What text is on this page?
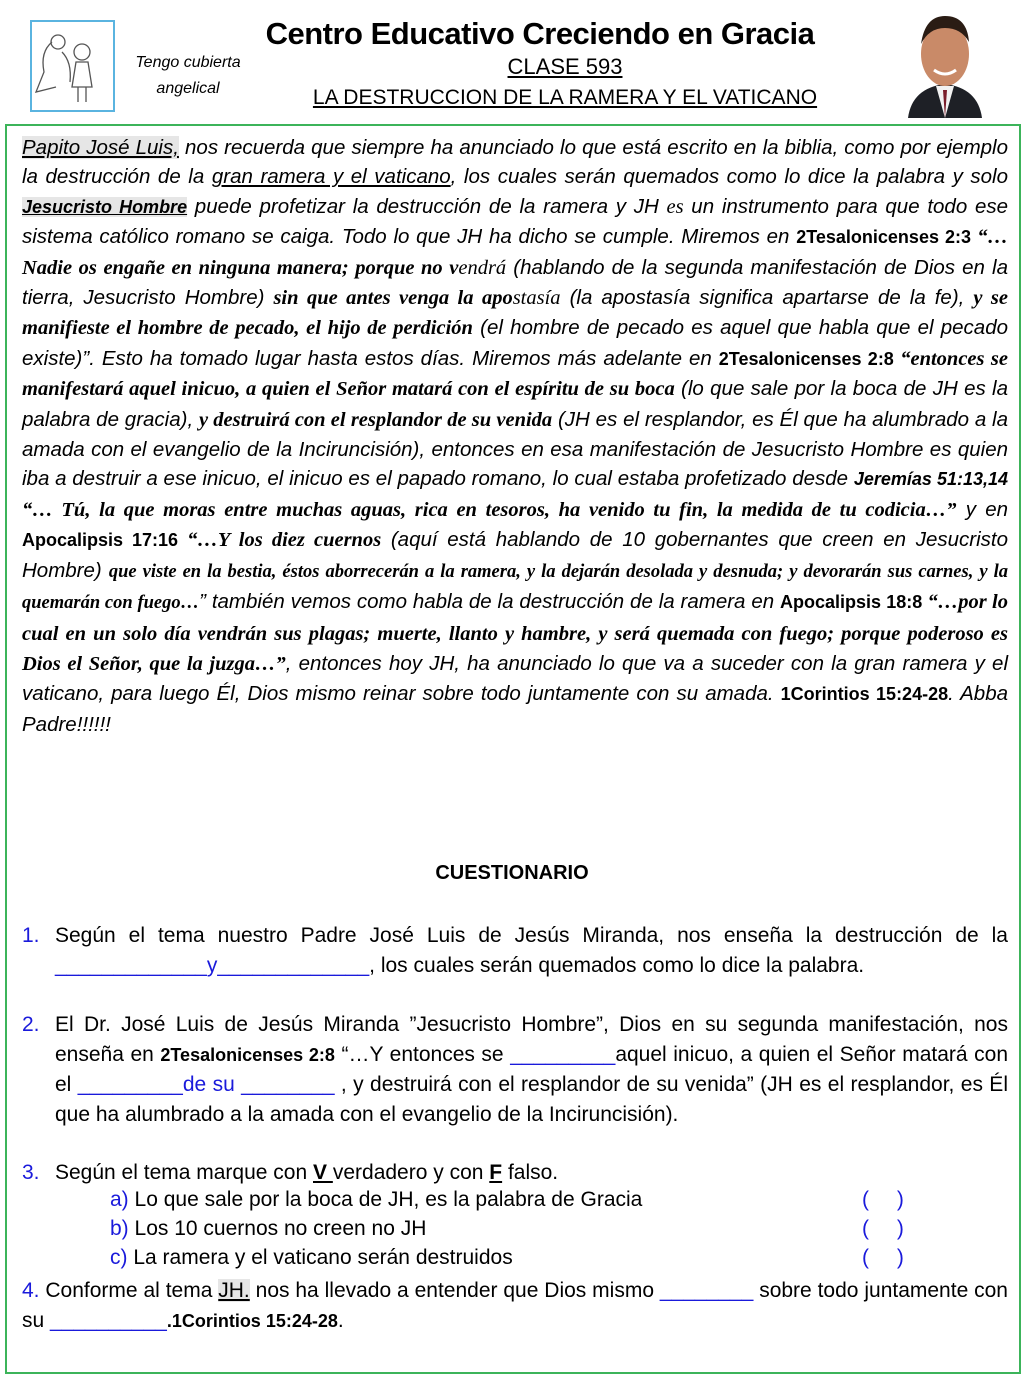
Tengo cubierta
angelical
Centro Educativo Creciendo en Gracia
CLASE 593
LA DESTRUCCION DE LA RAMERA Y EL VATICANO
Papito José Luis, nos recuerda que siempre ha anunciado lo que está escrito en la biblia, como por ejemplo la destrucción de la gran ramera y el vaticano, los cuales serán quemados como lo dice la palabra y solo Jesucristo Hombre puede profetizar la destrucción de la ramera y JH es un instrumento para que todo ese sistema católico romano se caiga. Todo lo que JH ha dicho se cumple. Miremos en 2Tesalonicenses 2:3 “…Nadie os engañe en ninguna manera; porque no vendrá (hablando de la segunda manifestación de Dios en la tierra, Jesucristo Hombre) sin que antes venga la apostasía (la apostasía significa apartarse de la fe), y se manifieste el hombre de pecado, el hijo de perdición (el hombre de pecado es aquel que habla que el pecado existe)”. Esto ha tomado lugar hasta estos días. Miremos más adelante en 2Tesalonicenses 2:8 “entonces se manifestará aquel inicuo, a quien el Señor matará con el espíritu de su boca (lo que sale por la boca de JH es la palabra de gracia), y destruirá con el resplandor de su venida (JH es el resplandor, es Él que ha alumbrado a la amada con el evangelio de la Inciruncisión), entonces en esa manifestación de Jesucristo Hombre es quien iba a destruir a ese inicuo, el inicuo es el papado romano, lo cual estaba profetizado desde Jeremías 51:13,14 “… Tú, la que moras entre muchas aguas, rica en tesoros, ha venido tu fin, la medida de tu codicia…” y en Apocalipsis 17:16 “…Y los diez cuernos (aquí está hablando de 10 gobernantes que creen en Jesucristo Hombre) que viste en la bestia, éstos aborrecerán a la ramera, y la dejarán desolada y desnuda; y devorarán sus carnes, y la quemarán con fuego…” también vemos como habla de la destrucción de la ramera en Apocalipsis 18:8 “…por lo cual en un solo día vendrán sus plagas; muerte, llanto y hambre, y será quemada con fuego; porque poderoso es Dios el Señor, que la juzga…”, entonces hoy JH, ha anunciado lo que va a suceder con la gran ramera y el vaticano, para luego Él, Dios mismo reinar sobre todo juntamente con su amada. 1Corintios 15:24-28. Abba Padre!!!!!!
CUESTIONARIO
1. Según el tema nuestro Padre José Luis de Jesús Miranda, nos enseña la destrucción de la _____________y_____________, los cuales serán quemados como lo dice la palabra.
2. El Dr. José Luis de Jesús Miranda ”Jesucristo Hombre”, Dios en su segunda manifestación, nos enseña en 2Tesalonicenses 2:8 “…Y entonces se _________aquel inicuo, a quien el Señor matará con el _________de su ________ , y destruirá con el resplandor de su venida” (JH es el resplandor, es Él que ha alumbrado a la amada con el evangelio de la Inciruncisión).
3. Según el tema marque con V verdadero y con F falso.
a) Lo que sale por la boca de JH, es la palabra de Gracia	( )
b) Los 10 cuernos no creen no JH	( )
c) La ramera y el vaticano serán destruidos	( )
4. Conforme al tema JH. nos ha llevado a entender que Dios mismo ________ sobre todo juntamente con su __________.1Corintios 15:24-28.
